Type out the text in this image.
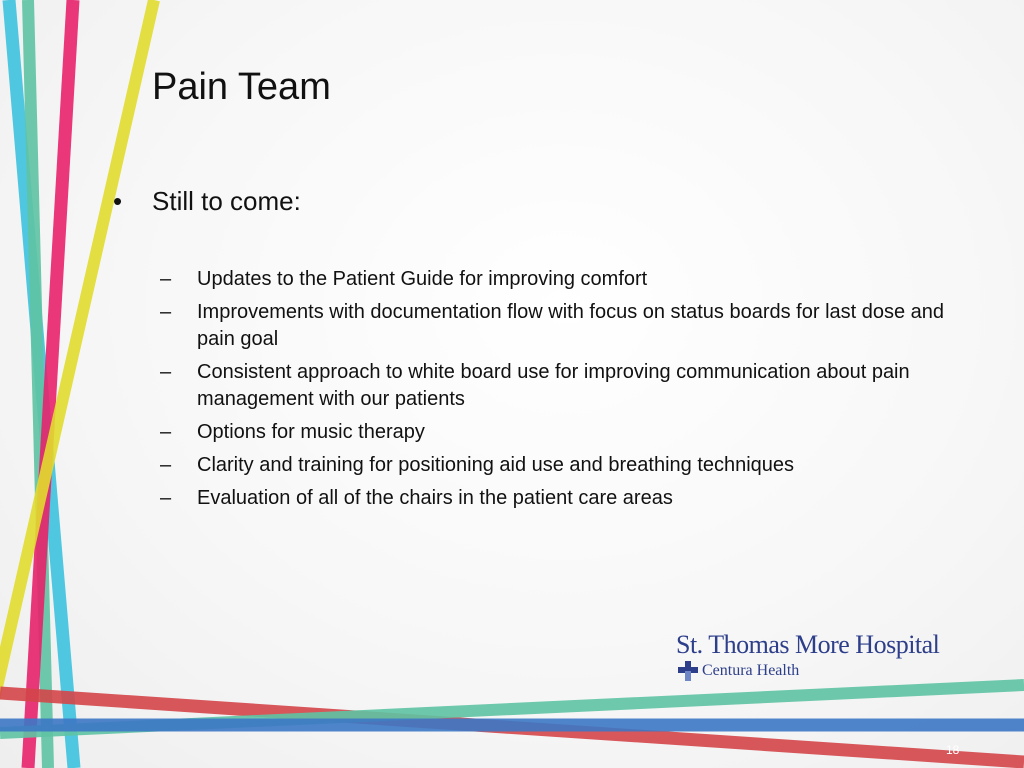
Pain Team
•	Still to come:
– Updates to the Patient Guide for improving comfort
– Improvements with documentation flow with focus on status boards for last dose and pain goal
– Consistent approach to white board use for improving communication about pain management with our patients
– Options for music therapy
– Clarity and training for positioning aid use and breathing techniques
– Evaluation of all of the chairs in the patient care areas
St. Thomas More Hospital
Centura Health
18
